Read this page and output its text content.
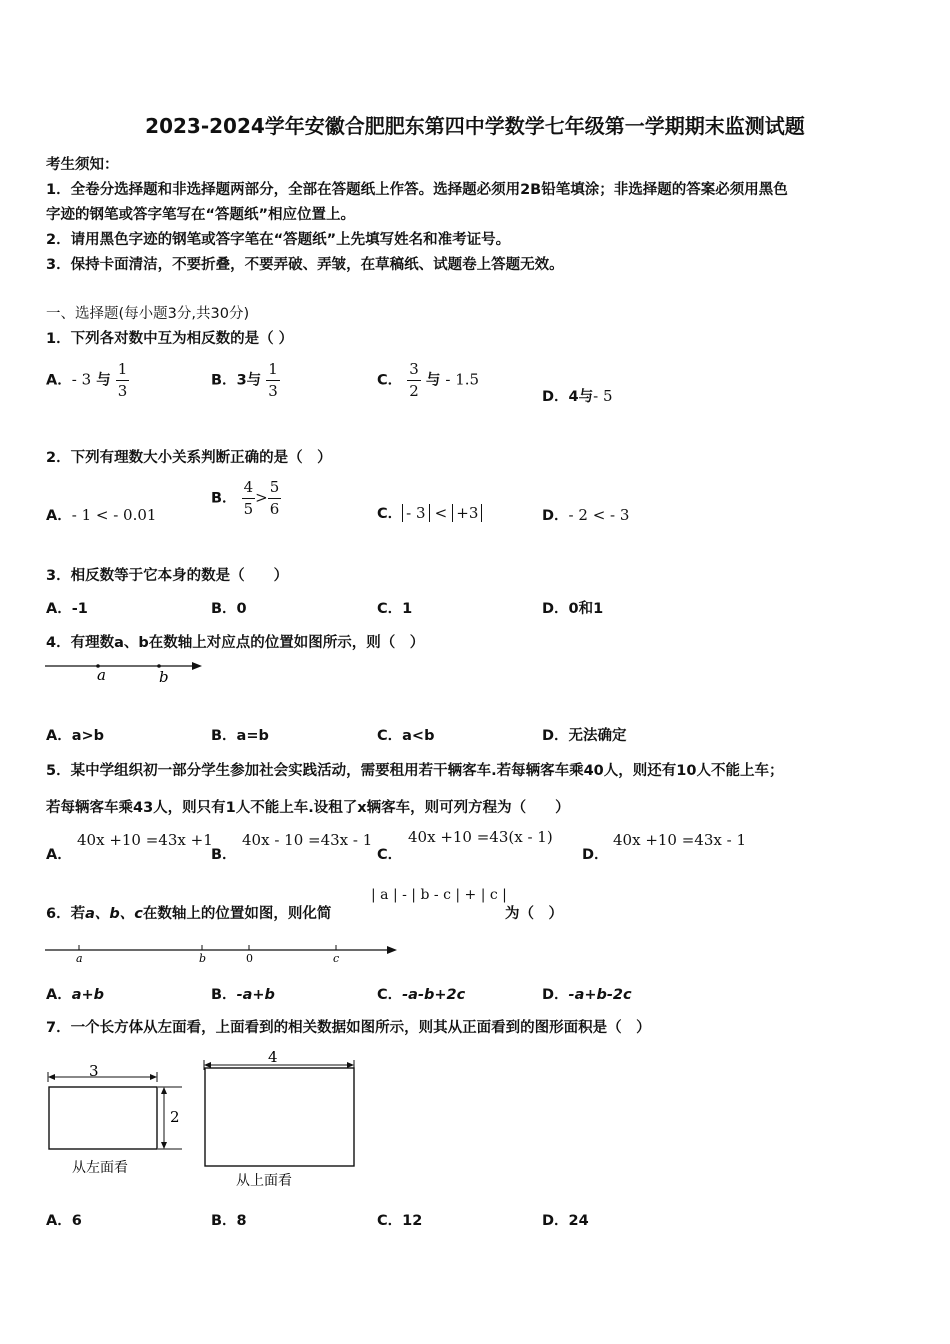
2023-2024学年安徽合肥肥东第四中学数学七年级第一学期期末监测试题
考生须知：
1．全卷分选择题和非选择题两部分，全部在答题纸上作答。选择题必须用2B铅笔填涂；非选择题的答案必须用黑色
字迹的钢笔或答字笔写在“答题纸”相应位置上。
2．请用黑色字迹的钢笔或答字笔在“答题纸”上先填写姓名和准考证号。
3．保持卡面清洁，不要折叠，不要弄破、弄皱，在草稿纸、试题卷上答题无效。
一、选择题(每小题3分,共30分)
1．下列各对数中互为相反数的是（ ）
A．- 3 与 $\frac{1}{3}$	B．3与 $\frac{1}{3}$	C． $\frac{3}{2}$ 与 - 1.5
D．4与- 5
2．下列有理数大小关系判断正确的是（　）
A．- 1 < - 0.01
B． $\frac{4}{5} > \frac{5}{6}$	C． - 3 < +3	D．- 2 < - 3
3．相反数等于它本身的数是（　　）
A．-1	B．0	C．1	D．0和1
4．有理数a、b在数轴上对应点的位置如图所示，则（　）
a	b
A．a>b	B．a=b	C．a<b	D．无法确定
5．某中学组织初一部分学生参加社会实践活动，需要租用若干辆客车.若每辆客车乘40人，则还有10人不能上车；
若每辆客车乘43人，则只有1人不能上车.设租了x辆客车，则可列方程为（　　）
A．
40x +10 =43x +1
B．
40x - 10 =43x - 1
C．
40x +10 =43(x - 1)
D．
40x +10 =43x - 1
6．若a、b、c在数轴上的位置如图，则化简
| a | - | b - c | + | c |
为（　）
a	b	0	c
A．a+b	B．-a+b	C．-a-b+2c	D．-a+b-2c
7．一个长方体从左面看，上面看到的相关数据如图所示，则其从正面看到的图形面积是（　）
3
2
从左面看
4
从上面看
A．6	B．8	C．12	D．24
